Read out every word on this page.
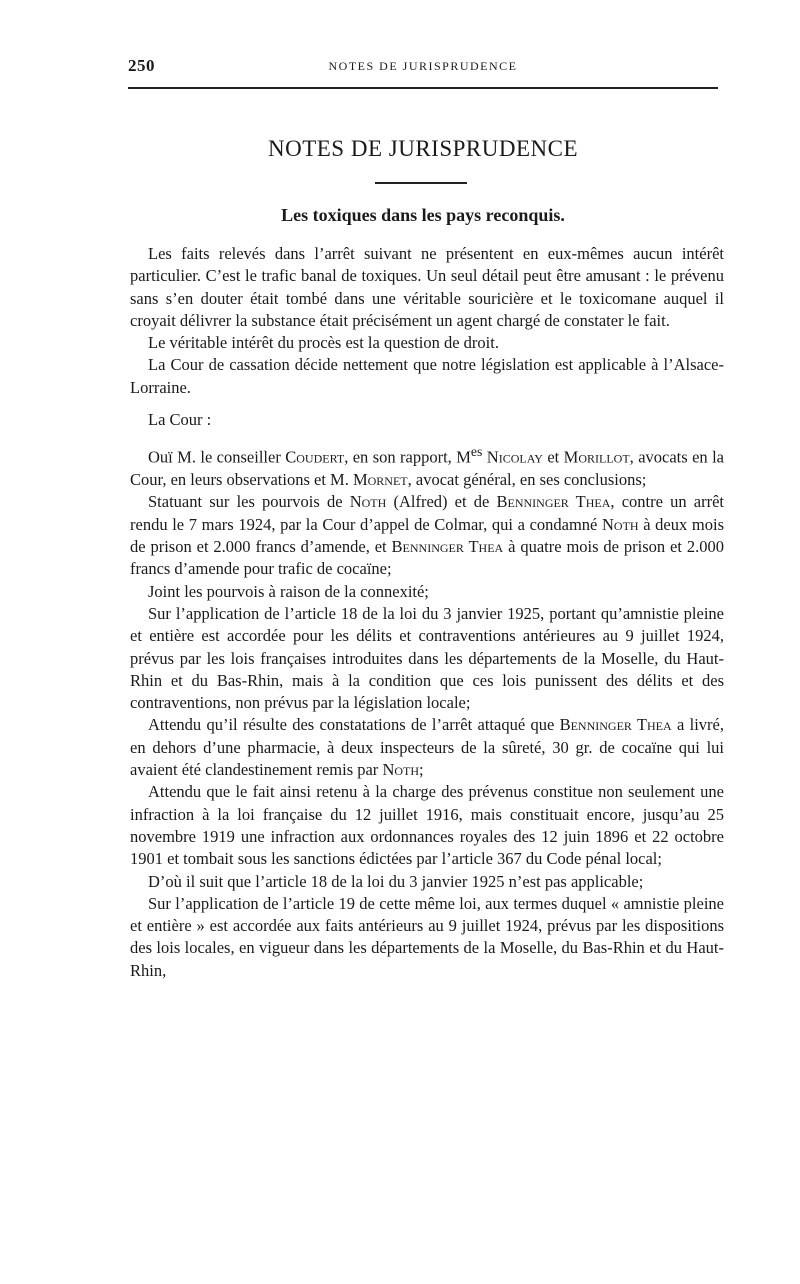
250	NOTES DE JURISPRUDENCE
NOTES DE JURISPRUDENCE
Les toxiques dans les pays reconquis.

Les faits relevés dans l’arrêt suivant ne présentent en eux-mêmes aucun intérêt particulier. C’est le trafic banal de toxiques. Un seul détail peut être amusant : le prévenu sans s’en douter était tombé dans une véritable souricière et le toxicomane auquel il croyait délivrer la substance était précisément un agent chargé de constater le fait.

Le véritable intérêt du procès est la question de droit.

La Cour de cassation décide nettement que notre législation est applicable à l’Alsace-Lorraine.

La Cour :

Ouï M. le conseiller Coudert, en son rapport, $M^{es}$ Nicolay et Morillot, avocats en la Cour, en leurs observations et M. Mornet, avocat général, en ses conclusions;

Statuant sur les pourvois de Noth (Alfred) et de Benninger Thea, contre un arrêt rendu le 7 mars 1924, par la Cour d’appel de Colmar, qui a condamné Noth à deux mois de prison et 2.000 francs d’amende, et Benninger Thea à quatre mois de prison et 2.000 francs d’amende pour trafic de cocaïne;

Joint les pourvois à raison de la connexité;

Sur l’application de l’article 18 de la loi du 3 janvier 1925, portant qu’amnistie pleine et entière est accordée pour les délits et contraventions antérieures au 9 juillet 1924, prévus par les lois françaises introduites dans les départements de la Moselle, du Haut-Rhin et du Bas-Rhin, mais à la condition que ces lois punissent des délits et des contraventions, non prévus par la législation locale;

Attendu qu’il résulte des constatations de l’arrêt attaqué que Benninger Thea a livré, en dehors d’une pharmacie, à deux inspecteurs de la sûreté, 30 gr. de cocaïne qui lui avaient été clandestinement remis par Noth;

Attendu que le fait ainsi retenu à la charge des prévenus constitue non seulement une infraction à la loi française du 12 juillet 1916, mais constituait encore, jusqu’au 25 novembre 1919 une infraction aux ordonnances royales des 12 juin 1896 et 22 octobre 1901 et tombait sous les sanctions édictées par l’article 367 du Code pénal local;

D’où il suit que l’article 18 de la loi du 3 janvier 1925 n’est pas applicable;

Sur l’application de l’article 19 de cette même loi, aux termes duquel « amnistie pleine et entière » est accordée aux faits antérieurs au 9 juillet 1924, prévus par les dispositions des lois locales, en vigueur dans les départements de la Moselle, du Bas-Rhin et du Haut-Rhin,
